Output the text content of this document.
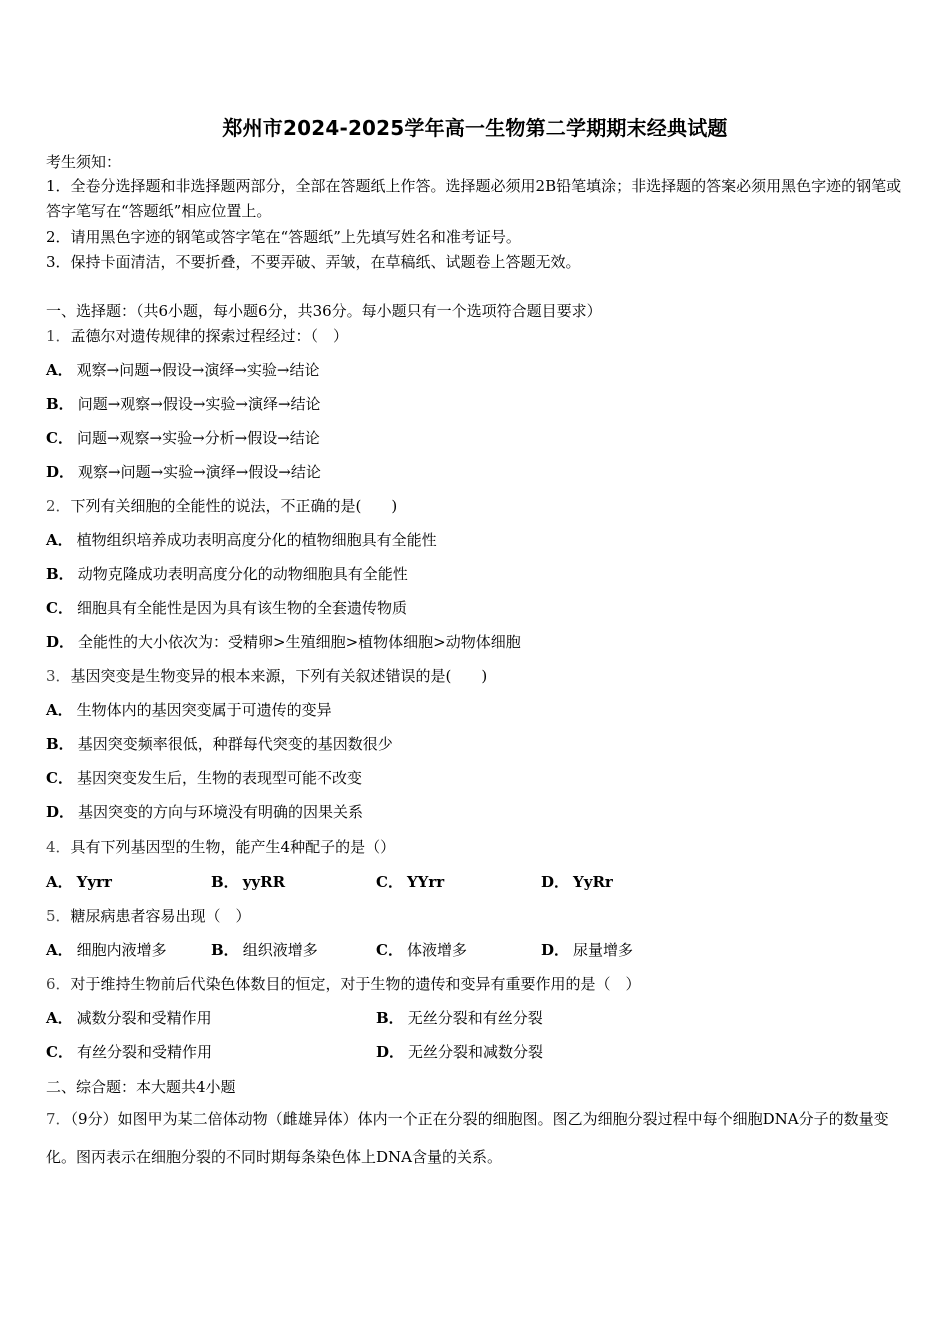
郑州市2024-2025学年高一生物第二学期期末经典试题
考生须知：
1．全卷分选择题和非选择题两部分，全部在答题纸上作答。选择题必须用2B铅笔填涂；非选择题的答案必须用黑色字迹的钢笔或答字笔写在“答题纸”相应位置上。
2．请用黑色字迹的钢笔或答字笔在“答题纸”上先填写姓名和准考证号。
3．保持卡面清洁，不要折叠，不要弄破、弄皱，在草稿纸、试题卷上答题无效。
一、选择题：（共6小题，每小题6分，共36分。每小题只有一个选项符合题目要求）
1．孟德尔对遗传规律的探索过程经过：（　）
A． 观察→问题→假设→演绎→实验→结论
B． 问题→观察→假设→实验→演绎→结论
C． 问题→观察→实验→分析→假设→结论
D． 观察→问题→实验→演绎→假设→结论
2．下列有关细胞的全能性的说法，不正确的是(　　)
A． 植物组织培养成功表明高度分化的植物细胞具有全能性
B． 动物克隆成功表明高度分化的动物细胞具有全能性
C． 细胞具有全能性是因为具有该生物的全套遗传物质
D． 全能性的大小依次为：受精卵>生殖细胞>植物体细胞>动物体细胞
3．基因突变是生物变异的根本来源，下列有关叙述错误的是(　　)
A． 生物体内的基因突变属于可遗传的变异
B． 基因突变频率很低，种群每代突变的基因数很少
C． 基因突变发生后，生物的表现型可能不改变
D． 基因突变的方向与环境没有明确的因果关系
4．具有下列基因型的生物，能产生4种配子的是（）
A． Yyrr	B． yyRR	C． YYrr	D． YyRr
5．糖尿病患者容易出现（　）
A． 细胞内液增多	B． 组织液增多	C． 体液增多	D． 尿量增多
6．对于维持生物前后代染色体数目的恒定，对于生物的遗传和变异有重要作用的是（　）
A． 减数分裂和受精作用	B． 无丝分裂和有丝分裂
C． 有丝分裂和受精作用	D． 无丝分裂和减数分裂
二、综合题：本大题共4小题
7．（9分）如图甲为某二倍体动物（雌雄异体）体内一个正在分裂的细胞图。图乙为细胞分裂过程中每个细胞DNA分子的数量变化。图丙表示在细胞分裂的不同时期每条染色体上DNA含量的关系。
